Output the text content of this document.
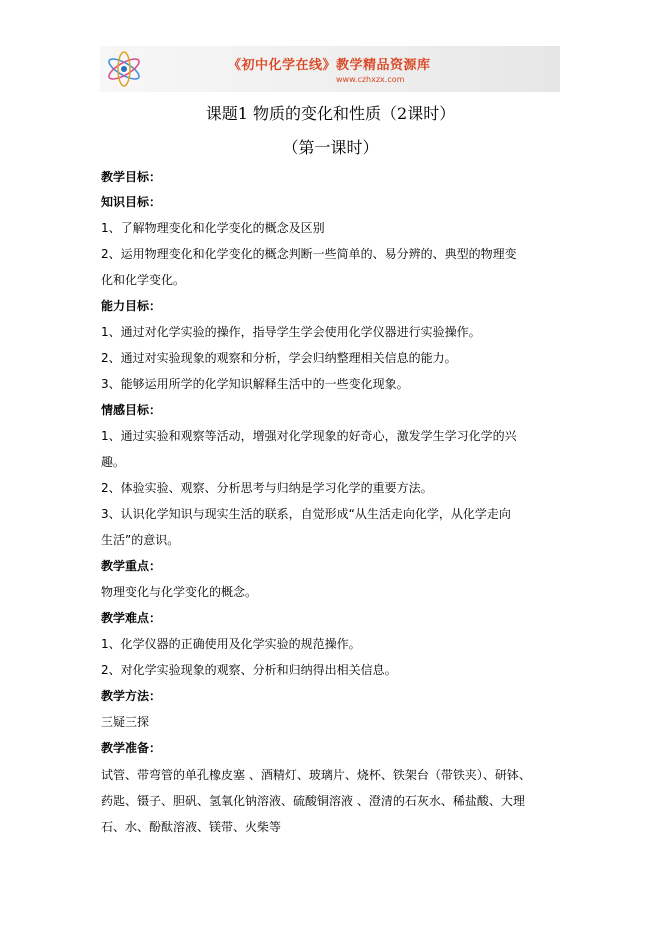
《初中化学在线》教学精品资源库
www.czhxzx.com
课题1 物质的变化和性质（2课时）
（第一课时）
教学目标：
知识目标：
1、了解物理变化和化学变化的概念及区别
2、运用物理变化和化学变化的概念判断一些简单的、易分辨的、典型的物理变
化和化学变化。
能力目标：
1、通过对化学实验的操作，指导学生学会使用化学仪器进行实验操作。
2、通过对实验现象的观察和分析，学会归纳整理相关信息的能力。
3、能够运用所学的化学知识解释生活中的一些变化现象。
情感目标：
1、通过实验和观察等活动，增强对化学现象的好奇心，激发学生学习化学的兴
趣。
2、体验实验、观察、分析思考与归纳是学习化学的重要方法。
3、认识化学知识与现实生活的联系，自觉形成“从生活走向化学，从化学走向
生活”的意识。
教学重点：
物理变化与化学变化的概念。
教学难点：
1、化学仪器的正确使用及化学实验的规范操作。
2、对化学实验现象的观察、分析和归纳得出相关信息。
教学方法：
三疑三探
教学准备：
试管、带弯管的单孔橡皮塞 、酒精灯、玻璃片、烧杯、铁架台（带铁夹）、研钵、
药匙、镊子、胆矾、氢氧化钠溶液、硫酸铜溶液 、澄清的石灰水、稀盐酸、大理
石、水、酚酞溶液、镁带、火柴等
